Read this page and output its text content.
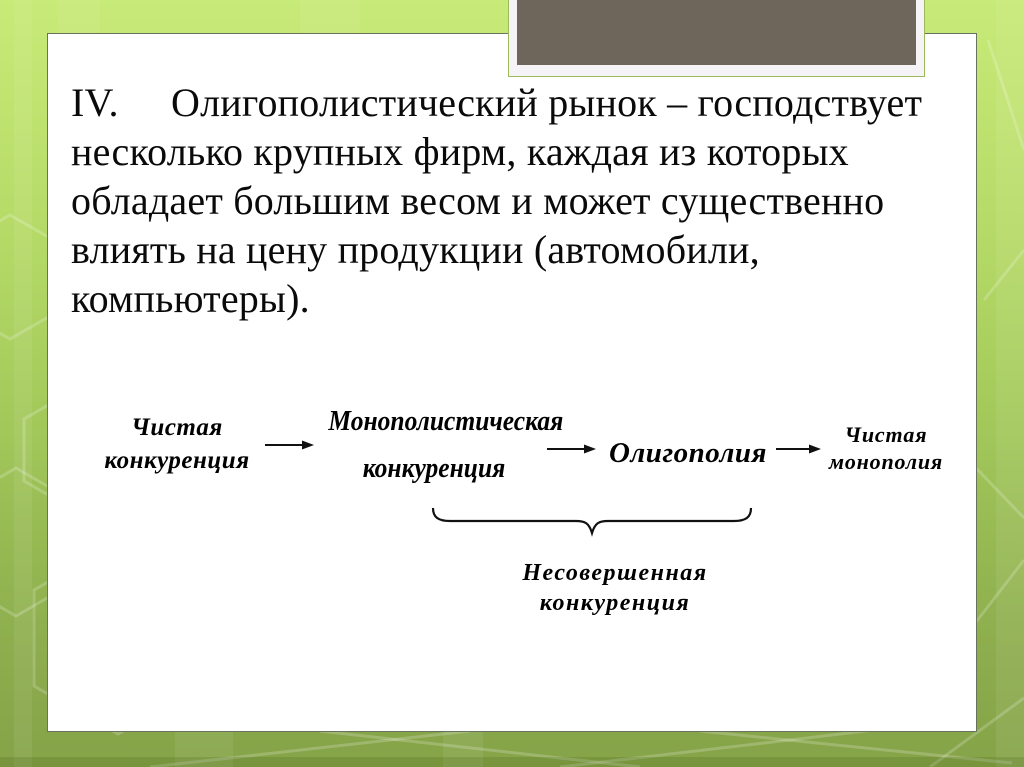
IV. Олигополистический рынок – господствует
несколько крупных фирм, каждая из которых
обладает большим весом и может существенно
влиять на цену продукции (автомобили,
компьютеры).
Чистая
конкуренция
Монополистическая
конкуренция	Олигополия
Чистая
монополия
Несовершенная
конкуренция
